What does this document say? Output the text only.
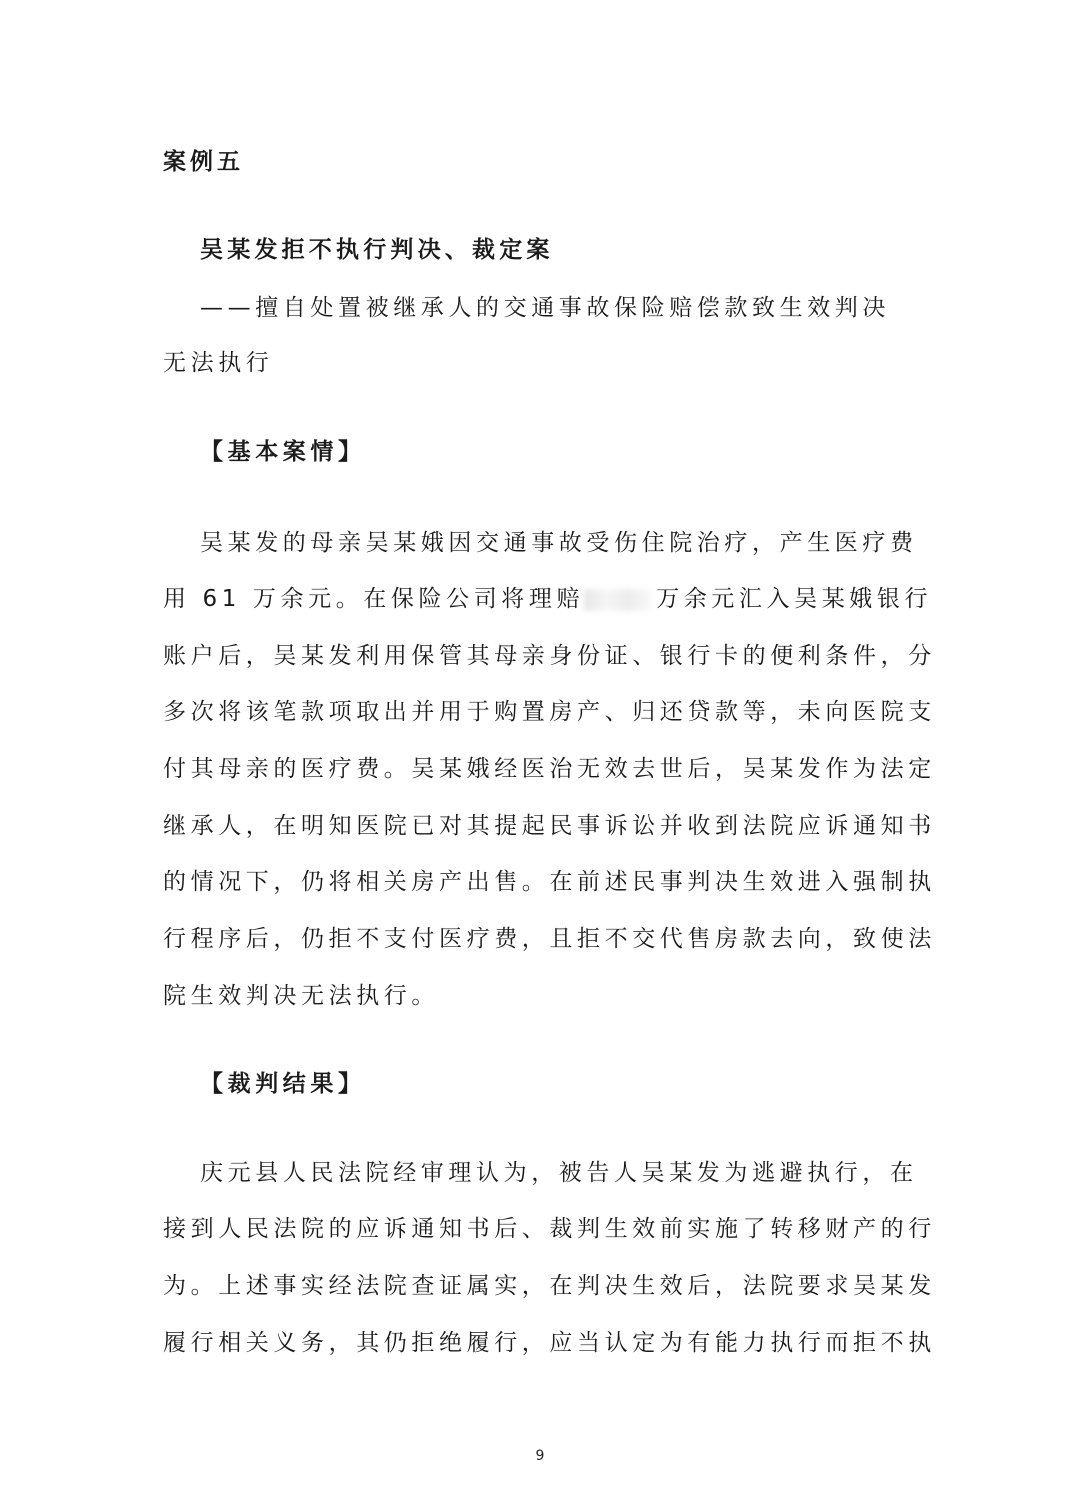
案例五
吴某发拒不执行判决、裁定案
——擅自处置被继承人的交通事故保险赔偿款致生效判决
无法执行
【基本案情】
吴某发的母亲吴某娥因交通事故受伤住院治疗，产生医疗费
用 61 万余元。在保险公司将理赔	万余元汇入吴某娥银行
账户后，吴某发利用保管其母亲身份证、银行卡的便利条件，分
多次将该笔款项取出并用于购置房产、归还贷款等，未向医院支
付其母亲的医疗费。吴某娥经医治无效去世后，吴某发作为法定
继承人，在明知医院已对其提起民事诉讼并收到法院应诉通知书
的情况下，仍将相关房产出售。在前述民事判决生效进入强制执
行程序后，仍拒不支付医疗费，且拒不交代售房款去向，致使法
院生效判决无法执行。
【裁判结果】
庆元县人民法院经审理认为，被告人吴某发为逃避执行，在
接到人民法院的应诉通知书后、裁判生效前实施了转移财产的行
为。上述事实经法院查证属实，在判决生效后，法院要求吴某发
履行相关义务，其仍拒绝履行，应当认定为有能力执行而拒不执
9
